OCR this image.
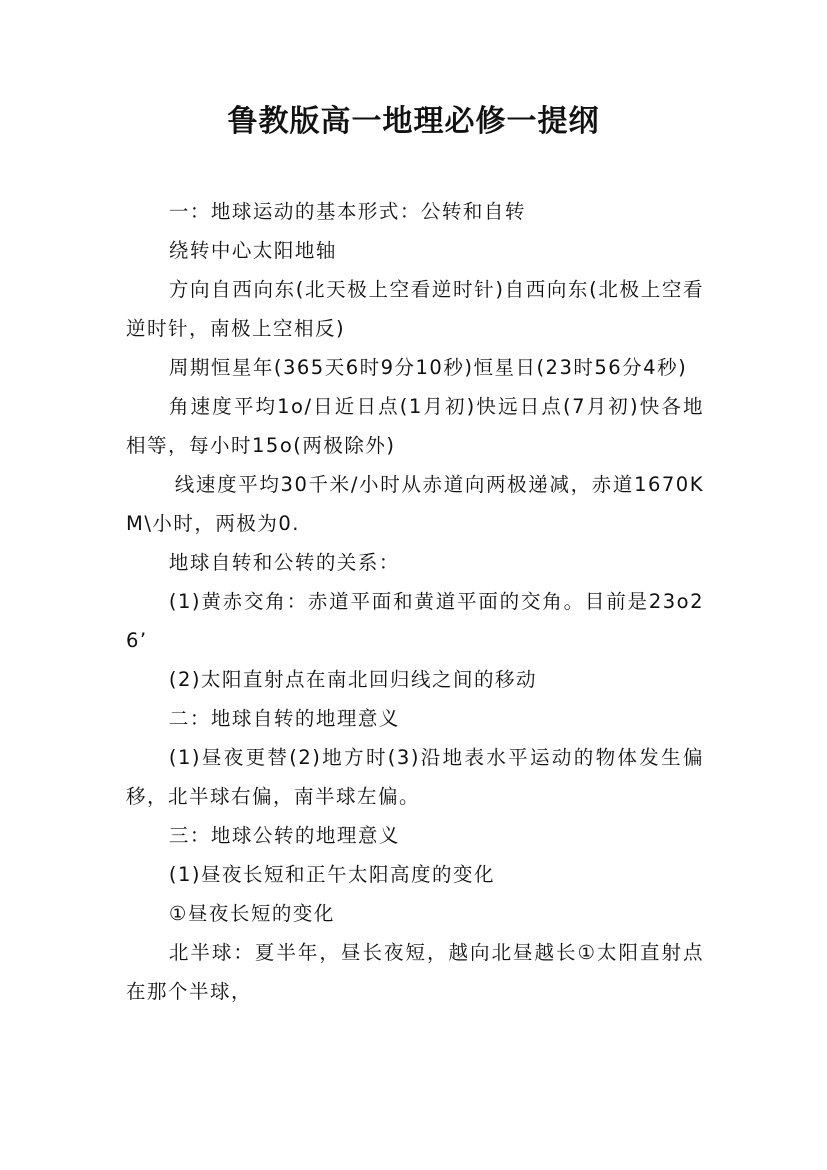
鲁教版高一地理必修一提纲

一：地球运动的基本形式：公转和自转

绕转中心太阳地轴

方向自西向东(北天极上空看逆时针)自西向东(北极上空看逆时针，南极上空相反)

周期恒星年(365天6时9分10秒)恒星日(23时56分4秒)

角速度平均1o/日近日点(1月初)快远日点(7月初)快各地相等，每小时15o(两极除外)

线速度平均30千米/小时从赤道向两极递减，赤道1670KM\小时，两极为0.

地球自转和公转的关系：

(1)黄赤交角：赤道平面和黄道平面的交角。目前是23o26’

(2)太阳直射点在南北回归线之间的移动

二：地球自转的地理意义

(1)昼夜更替(2)地方时(3)沿地表水平运动的物体发生偏移，北半球右偏，南半球左偏。

三：地球公转的地理意义

(1)昼夜长短和正午太阳高度的变化

①昼夜长短的变化

北半球：夏半年，昼长夜短，越向北昼越长①太阳直射点在那个半球，
